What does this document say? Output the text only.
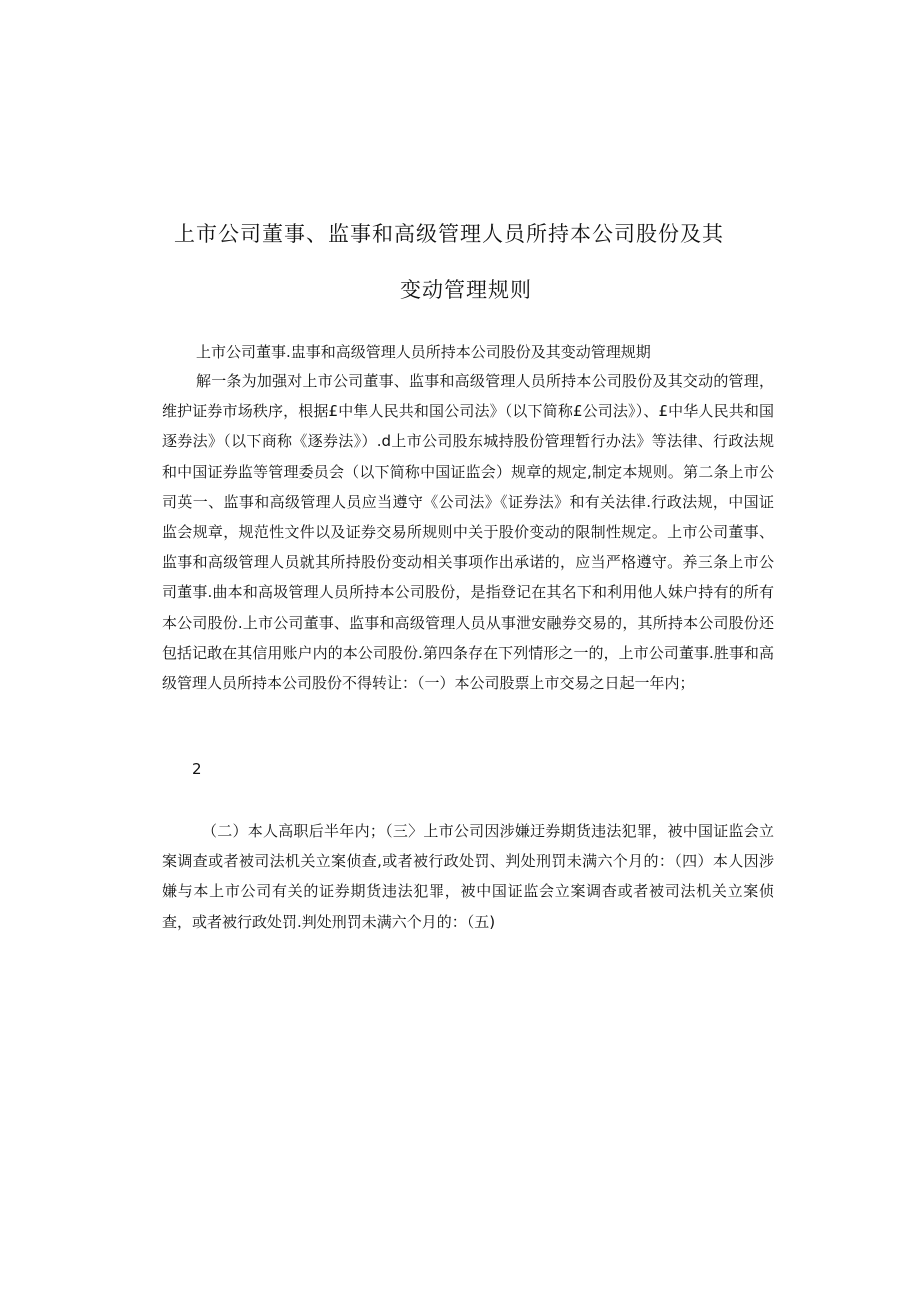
上市公司董事、监事和高级管理人员所持本公司股份及其
变动管理规则
上市公司董事.盅事和高级管理人员所持本公司股份及其变动管理规期
解一条为加强对上市公司董事、监事和高级管理人员所持本公司股份及其交动的管理，维护证券市场秩序，根据£中隼人民共和国公司法》（以下简称£公司法》）、£中华人民共和国逐券法》（以下商称《逐券法》）.d上市公司股东城持股份管理暂行办法》等法律、行政法规和中国证券监等管理委员会（以下简称中国证监会）规章的规定,制定本规则。第二条上市公司英一、监事和高级管理人员应当遵守《公司法》《证券法》和有关法律.行政法规，中国证监会规章，规范性文件以及证券交易所规则中关于股价变动的限制性规定。上市公司董事、监事和高级管理人员就其所持股份变动相关事项作出承诺的，应当严格遵守。养三条上市公司董事.曲本和高圾管理人员所持本公司股份，是指登记在其名下和利用他人妹户持有的所有本公司股份.上市公司董事、监事和高级管理人员从事泄安融券交易的，其所持本公司股份还包括记敢在其信用账户内的本公司股份.第四条存在下列情形之一的，上市公司董事.胜事和高级管理人员所持本公司股份不得转让：（一）本公司股票上市交易之日起一年内；
2
（二）本人高职后半年内；（三〉上市公司因涉嫌迂券期货违法犯罪，被中国证监会立案调查或者被司法机关立案侦查,或者被行政处罚、判处刑罚未满六个月的：（四）本人因涉嫌与本上市公司有关的证券期货违法犯罪，被中国证监会立案调杳或者被司法机关立案侦查，或者被行政处罚.判处刑罚未满六个月的：（五)
